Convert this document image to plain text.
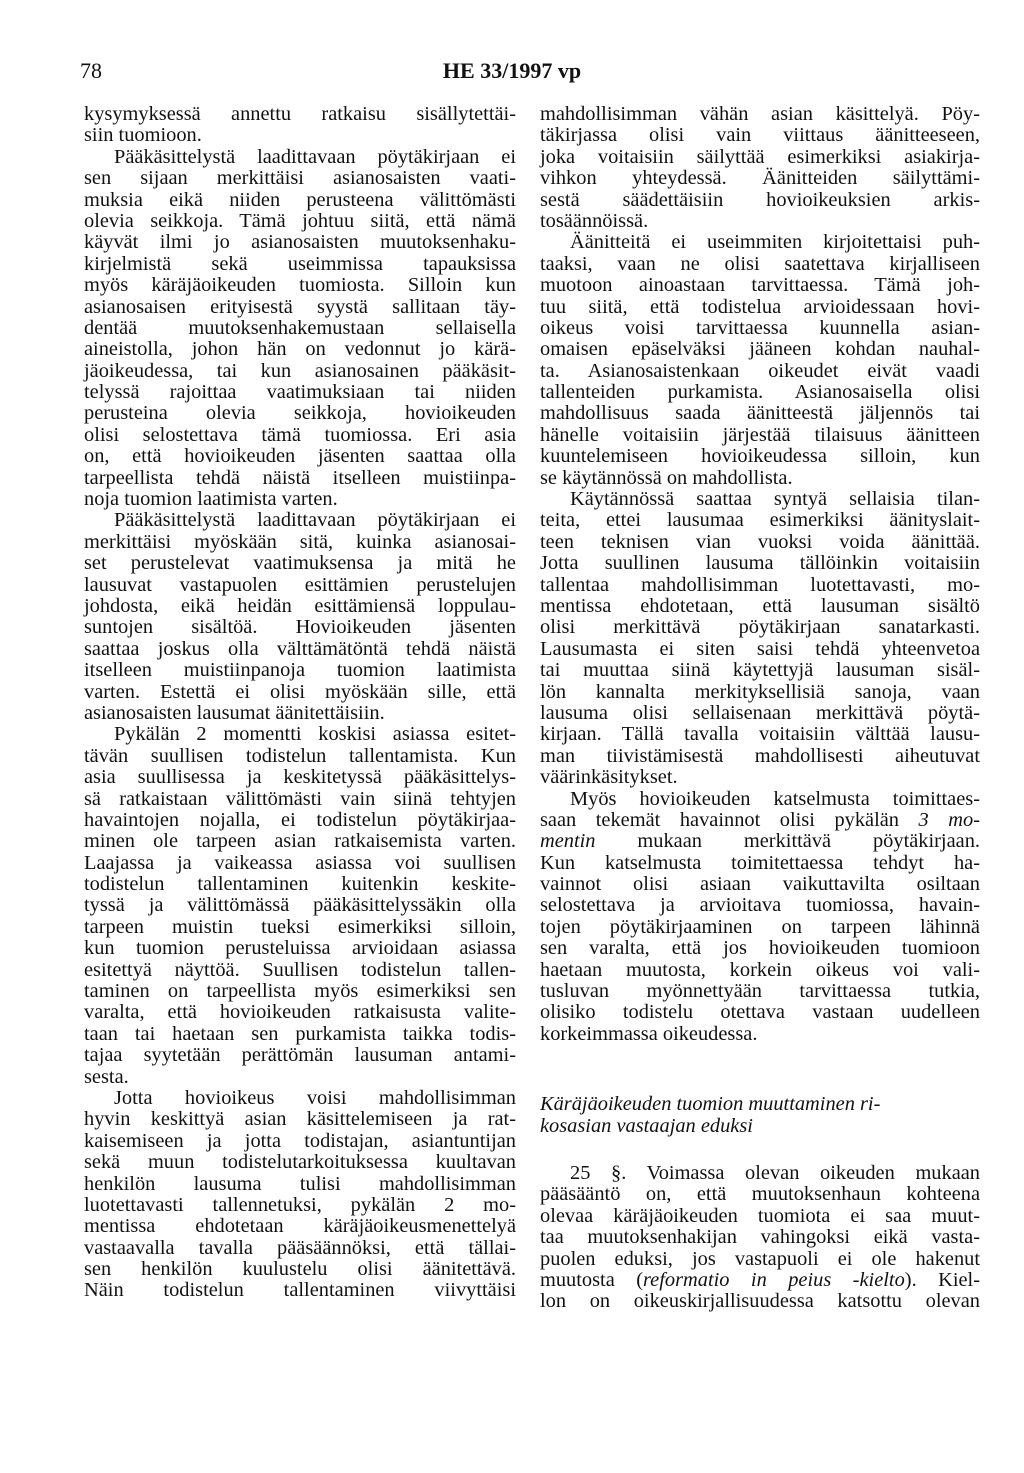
78	HE 33/1997 vp
kysymyksessä annettu ratkaisu sisällytettäi-
siin tuomioon.
Pääkäsittelystä laadittavaan pöytäkirjaan ei
sen sijaan merkittäisi asianosaisten vaati-
muksia eikä niiden perusteena välittömästi
olevia seikkoja. Tämä johtuu siitä, että nämä
käyvät ilmi jo asianosaisten muutoksenhaku-
kirjelmistä sekä useimmissa tapauksissa
myös käräjäoikeuden tuomiosta. Silloin kun
asianosaisen erityisestä syystä sallitaan täy-
dentää muutoksenhakemustaan sellaisella
aineistolla, johon hän on vedonnut jo kärä-
jäoikeudessa, tai kun asianosainen pääkäsit-
telyssä rajoittaa vaatimuksiaan tai niiden
perusteina olevia seikkoja, hovioikeuden
olisi selostettava tämä tuomiossa. Eri asia
on, että hovioikeuden jäsenten saattaa olla
tarpeellista tehdä näistä itselleen muistiinpa-
noja tuomion laatimista varten.
Pääkäsittelystä laadittavaan pöytäkirjaan ei
merkittäisi myöskään sitä, kuinka asianosai-
set perustelevat vaatimuksensa ja mitä he
lausuvat vastapuolen esittämien perustelujen
johdosta, eikä heidän esittämiensä loppulau-
suntojen sisältöä. Hovioikeuden jäsenten
saattaa joskus olla välttämätöntä tehdä näistä
itselleen muistiinpanoja tuomion laatimista
varten. Estettä ei olisi myöskään sille, että
asianosaisten lausumat äänitettäisiin.
Pykälän 2 momentti koskisi asiassa esitet-
tävän suullisen todistelun tallentamista. Kun
asia suullisessa ja keskitetyssä pääkäsittelys-
sä ratkaistaan välittömästi vain siinä tehtyjen
havaintojen nojalla, ei todistelun pöytäkirjaa-
minen ole tarpeen asian ratkaisemista varten.
Laajassa ja vaikeassa asiassa voi suullisen
todistelun tallentaminen kuitenkin keskite-
tyssä ja välittömässä pääkäsittelyssäkin olla
tarpeen muistin tueksi esimerkiksi silloin,
kun tuomion perusteluissa arvioidaan asiassa
esitettyä näyttöä. Suullisen todistelun tallen-
taminen on tarpeellista myös esimerkiksi sen
varalta, että hovioikeuden ratkaisusta valite-
taan tai haetaan sen purkamista taikka todis-
tajaa syytetään perättömän lausuman antami-
sesta.
Jotta hovioikeus voisi mahdollisimman
hyvin keskittyä asian käsittelemiseen ja rat-
kaisemiseen ja jotta todistajan, asiantuntijan
sekä muun todistelutarkoituksessa kuultavan
henkilön lausuma tulisi mahdollisimman
luotettavasti tallennetuksi, pykälän 2 mo-
mentissa ehdotetaan käräjäoikeusmenettelyä
vastaavalla tavalla pääsäännöksi, että tällai-
sen henkilön kuulustelu olisi äänitettävä.
Näin todistelun tallentaminen viivyttäisi
mahdollisimman vähän asian käsittelyä. Pöy-
täkirjassa olisi vain viittaus äänitteeseen,
joka voitaisiin säilyttää esimerkiksi asiakirja-
vihkon yhteydessä. Äänitteiden säilyttämi-
sestä säädettäisiin hovioikeuksien arkis-
tosäännöissä.
Äänitteitä ei useimmiten kirjoitettaisi puh-
taaksi, vaan ne olisi saatettava kirjalliseen
muotoon ainoastaan tarvittaessa. Tämä joh-
tuu siitä, että todistelua arvioidessaan hovi-
oikeus voisi tarvittaessa kuunnella asian-
omaisen epäselväksi jääneen kohdan nauhal-
ta. Asianosaistenkaan oikeudet eivät vaadi
tallenteiden purkamista. Asianosaisella olisi
mahdollisuus saada äänitteestä jäljennös tai
hänelle voitaisiin järjestää tilaisuus äänitteen
kuuntelemiseen hovioikeudessa silloin, kun
se käytännössä on mahdollista.
Käytännössä saattaa syntyä sellaisia tilan-
teita, ettei lausumaa esimerkiksi äänityslait-
teen teknisen vian vuoksi voida äänittää.
Jotta suullinen lausuma tällöinkin voitaisiin
tallentaa mahdollisimman luotettavasti, mo-
mentissa ehdotetaan, että lausuman sisältö
olisi merkittävä pöytäkirjaan sanatarkasti.
Lausumasta ei siten saisi tehdä yhteenvetoa
tai muuttaa siinä käytettyjä lausuman sisäl-
lön kannalta merkityksellisiä sanoja, vaan
lausuma olisi sellaisenaan merkittävä pöytä-
kirjaan. Tällä tavalla voitaisiin välttää lausu-
man tiivistämisestä mahdollisesti aiheutuvat
väärinkäsitykset.
Myös hovioikeuden katselmusta toimittaes-
saan tekemät havainnot olisi pykälän 3 mo-
mentin mukaan merkittävä pöytäkirjaan.
Kun katselmusta toimitettaessa tehdyt ha-
vainnot olisi asiaan vaikuttavilta osiltaan
selostettava ja arvioitava tuomiossa, havain-
tojen pöytäkirjaaminen on tarpeen lähinnä
sen varalta, että jos hovioikeuden tuomioon
haetaan muutosta, korkein oikeus voi vali-
tusluvan myönnettyään tarvittaessa tutkia,
olisiko todistelu otettava vastaan uudelleen
korkeimmassa oikeudessa.
Käräjäoikeuden tuomion muuttaminen ri-
kosasian vastaajan eduksi
25 §. Voimassa olevan oikeuden mukaan
pääsääntö on, että muutoksenhaun kohteena
olevaa käräjäoikeuden tuomiota ei saa muut-
taa muutoksenhakijan vahingoksi eikä vasta-
puolen eduksi, jos vastapuoli ei ole hakenut
muutosta (reformatio in peius -kielto). Kiel-
lon on oikeuskirjallisuudessa katsottu olevan
